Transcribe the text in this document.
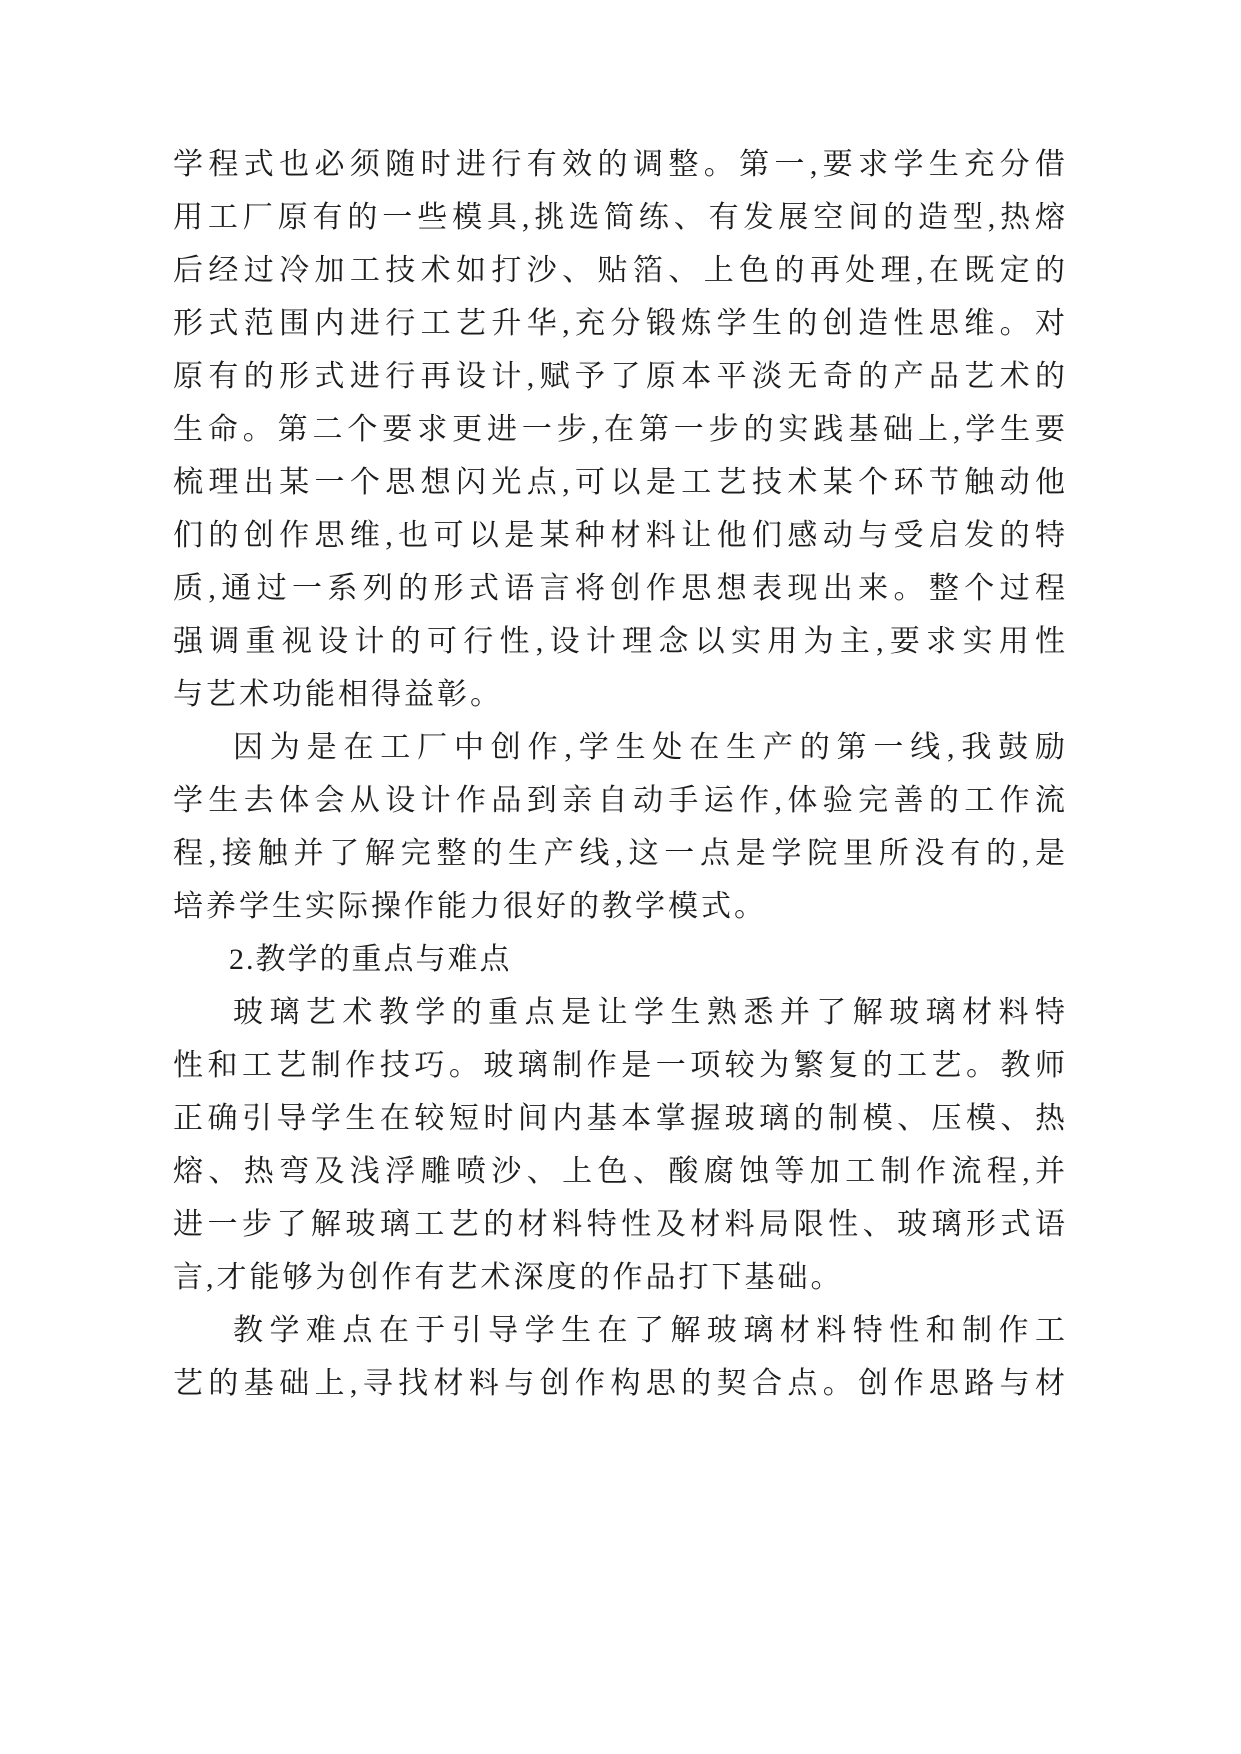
学程式也必须随时进行有效的调整。第一,要求学生充分借
用工厂原有的一些模具,挑选简练、有发展空间的造型,热熔
后经过冷加工技术如打沙、贴箔、上色的再处理,在既定的
形式范围内进行工艺升华,充分锻炼学生的创造性思维。对
原有的形式进行再设计,赋予了原本平淡无奇的产品艺术的
生命。第二个要求更进一步,在第一步的实践基础上,学生要
梳理出某一个思想闪光点,可以是工艺技术某个环节触动他
们的创作思维,也可以是某种材料让他们感动与受启发的特
质,通过一系列的形式语言将创作思想表现出来。整个过程
强调重视设计的可行性,设计理念以实用为主,要求实用性
与艺术功能相得益彰。
因为是在工厂中创作,学生处在生产的第一线,我鼓励
学生去体会从设计作品到亲自动手运作,体验完善的工作流
程,接触并了解完整的生产线,这一点是学院里所没有的,是
培养学生实际操作能力很好的教学模式。
2.教学的重点与难点
玻璃艺术教学的重点是让学生熟悉并了解玻璃材料特
性和工艺制作技巧。玻璃制作是一项较为繁复的工艺。教师
正确引导学生在较短时间内基本掌握玻璃的制模、压模、热
熔、热弯及浅浮雕喷沙、上色、酸腐蚀等加工制作流程,并
进一步了解玻璃工艺的材料特性及材料局限性、玻璃形式语
言,才能够为创作有艺术深度的作品打下基础。
教学难点在于引导学生在了解玻璃材料特性和制作工
艺的基础上,寻找材料与创作构思的契合点。创作思路与材
